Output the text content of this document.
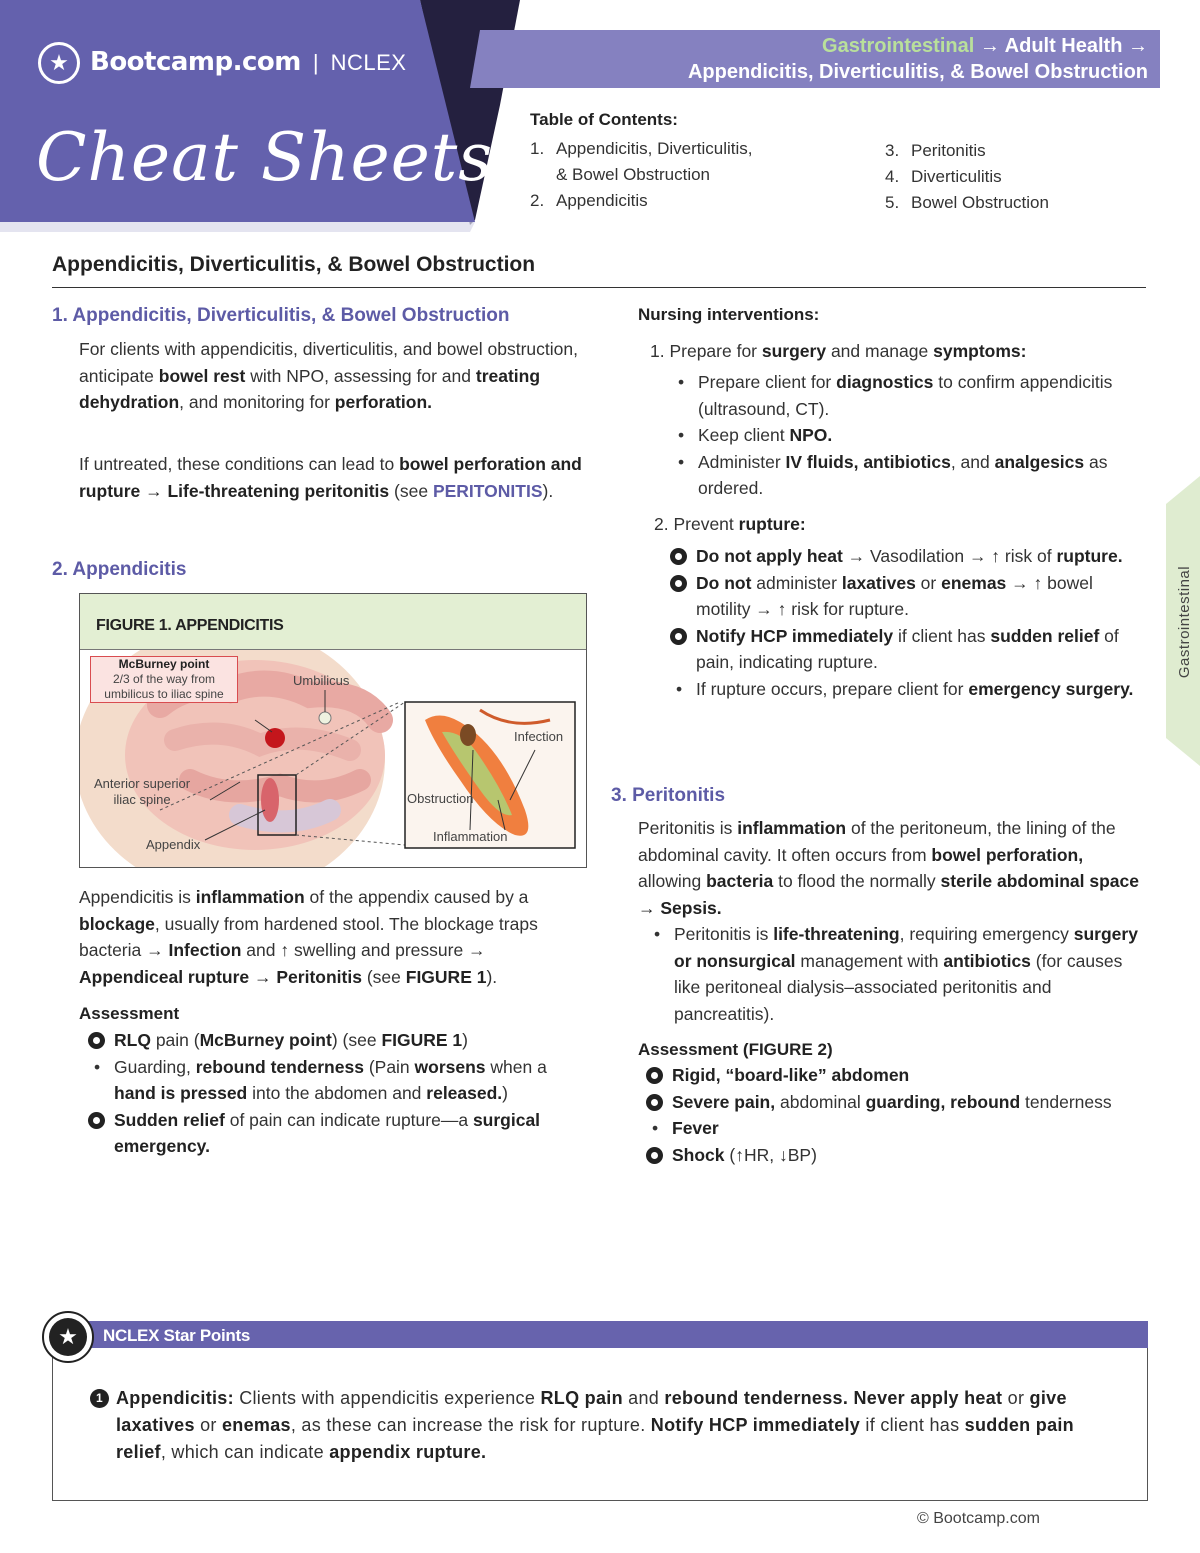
★ Bootcamp.com | NCLEX
Cheat Sheets
Gastrointestinal → Adult Health →
Appendicitis, Diverticulitis, & Bowel Obstruction
Table of Contents:
1. Appendicitis, Diverticulitis,
& Bowel Obstruction
2. Appendicitis
3. Peritonitis
4. Diverticulitis
5. Bowel Obstruction
Appendicitis, Diverticulitis, & Bowel Obstruction
1. Appendicitis, Diverticulitis, & Bowel Obstruction
For clients with appendicitis, diverticulitis, and bowel obstruction, anticipate bowel rest with NPO, assessing for and treating dehydration, and monitoring for perforation.
If untreated, these conditions can lead to bowel perforation and rupture → Life-threatening peritonitis (see PERITONITIS).
2. Appendicitis
FIGURE 1. APPENDICITIS
McBurney point
2/3 of the way from
umbilicus to iliac spine
Umbilicus
Anterior superior
iliac spine
Appendix
Infection
Obstruction
Inflammation
Appendicitis is inflammation of the appendix caused by a blockage, usually from hardened stool. The blockage traps bacteria → Infection and ↑ swelling and pressure → Appendiceal rupture → Peritonitis (see FIGURE 1).
Assessment
RLQ pain (McBurney point) (see FIGURE 1)
• Guarding, rebound tenderness (Pain worsens when a hand is pressed into the abdomen and released.)
Sudden relief of pain can indicate rupture—a surgical emergency.
Nursing interventions:
1. Prepare for surgery and manage symptoms:
• Prepare client for diagnostics to confirm appendicitis (ultrasound, CT).
• Keep client NPO.
• Administer IV fluids, antibiotics, and analgesics as ordered.
2. Prevent rupture:
Do not apply heat → Vasodilation → ↑ risk of rupture.
Do not administer laxatives or enemas → ↑ bowel motility → ↑ risk for rupture.
Notify HCP immediately if client has sudden relief of pain, indicating rupture.
• If rupture occurs, prepare client for emergency surgery.
3. Peritonitis
Peritonitis is inflammation of the peritoneum, the lining of the abdominal cavity. It often occurs from bowel perforation, allowing bacteria to flood the normally sterile abdominal space → Sepsis.
• Peritonitis is life-threatening, requiring emergency surgery or nonsurgical management with antibiotics (for causes like peritoneal dialysis–associated peritonitis and pancreatitis).
Assessment (FIGURE 2)
Rigid, “board-like” abdomen
Severe pain, abdominal guarding, rebound tenderness
• Fever
Shock (↑HR, ↓BP)
NCLEX Star Points
★
1 Appendicitis: Clients with appendicitis experience RLQ pain and rebound tenderness. Never apply heat or give laxatives or enemas, as these can increase the risk for rupture. Notify HCP immediately if client has sudden pain relief, which can indicate appendix rupture.
© Bootcamp.com
Gastrointestinal
